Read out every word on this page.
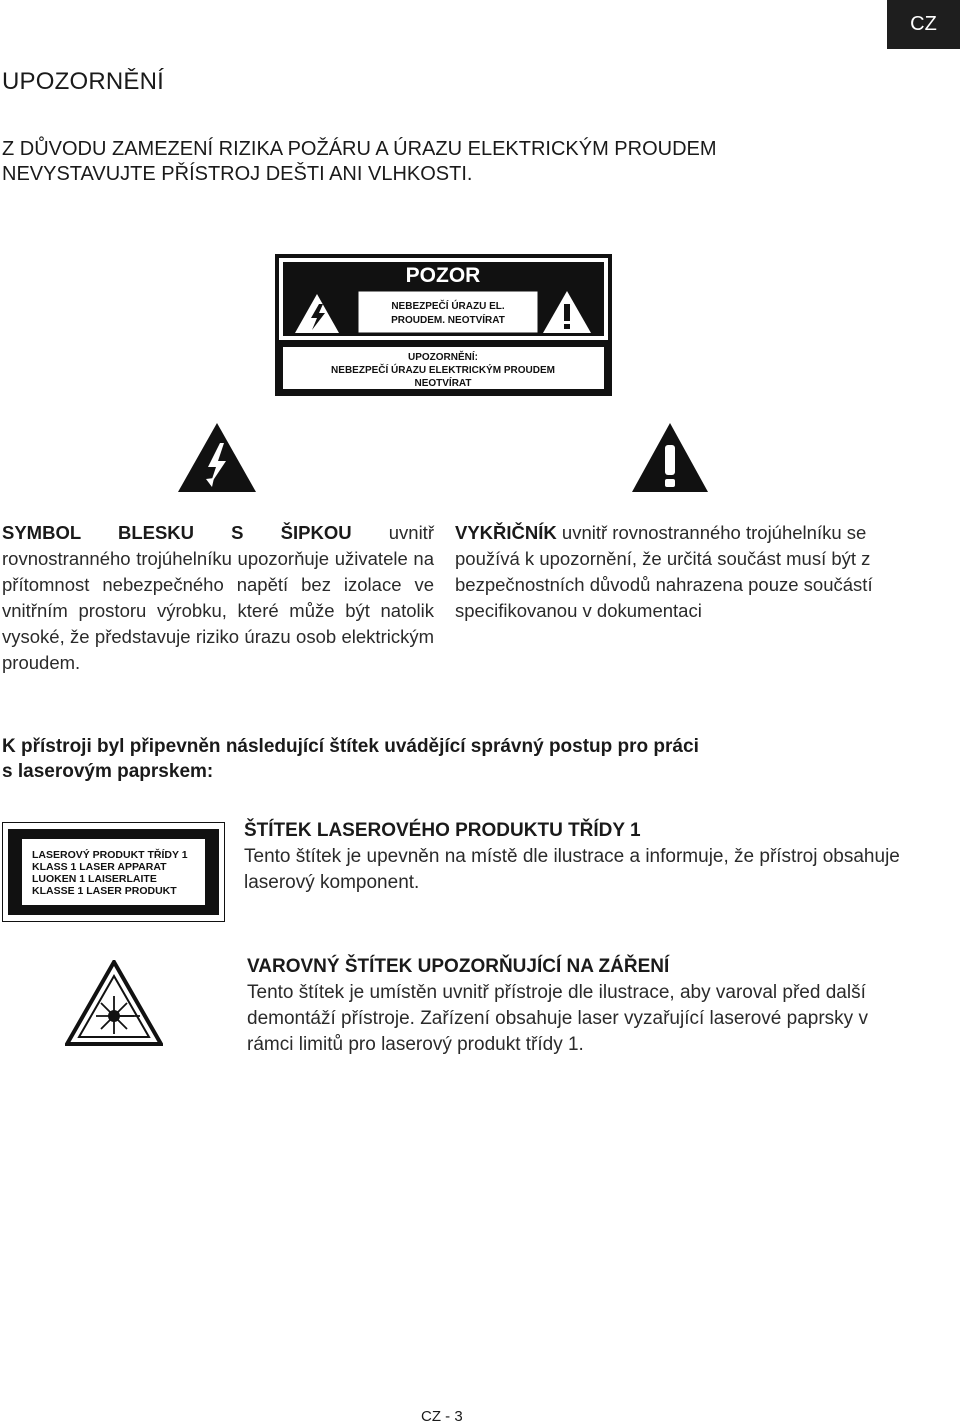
CZ
UPOZORNĚNÍ
Z DŮVODU ZAMEZENÍ RIZIKA POŽÁRU A ÚRAZU ELEKTRICKÝM PROUDEM
NEVYSTAVUJTE PŘÍSTROJ DEŠTI ANI VLHKOSTI.
POZOR
NEBEZPEČÍ ÚRAZU EL.
PROUDEM. NEOTVÍRAT
UPOZORNĚNÍ:
NEBEZPEČÍ ÚRAZU ELEKTRICKÝM PROUDEM
NEOTVÍRAT
SYMBOL BLESKU S ŠIPKOU uvnitř rovnostranného trojúhelníku upozorňuje uživatele na přítomnost nebezpečného napětí bez izolace ve vnitřním prostoru výrobku, které může být natolik vysoké, že představuje riziko úrazu osob elektrickým proudem.
VYKŘIČNÍK uvnitř rovnostranného trojúhelníku se používá k upozornění, že určitá součást musí být z bezpečnostních důvodů nahrazena pouze součástí specifikovanou v dokumentaci
K přístroji byl připevněn následující štítek uvádějící správný postup pro práci
s laserovým paprskem:
LASEROVÝ PRODUKT TŘÍDY 1
KLASS 1 LASER APPARAT
LUOKEN 1 LAISERLAITE
KLASSE 1 LASER PRODUKT
ŠTÍTEK LASEROVÉHO PRODUKTU TŘÍDY 1
Tento štítek je upevněn na místě dle ilustrace a informuje, že přístroj obsahuje laserový komponent.
VAROVNÝ ŠTÍTEK UPOZORŇUJÍCÍ NA ZÁŘENÍ
Tento štítek je umístěn uvnitř přístroje dle ilustrace, aby varoval před další demontáží přístroje. Zařízení obsahuje laser vyzařující laserové paprsky v rámci limitů pro laserový produkt třídy 1.
CZ - 3
